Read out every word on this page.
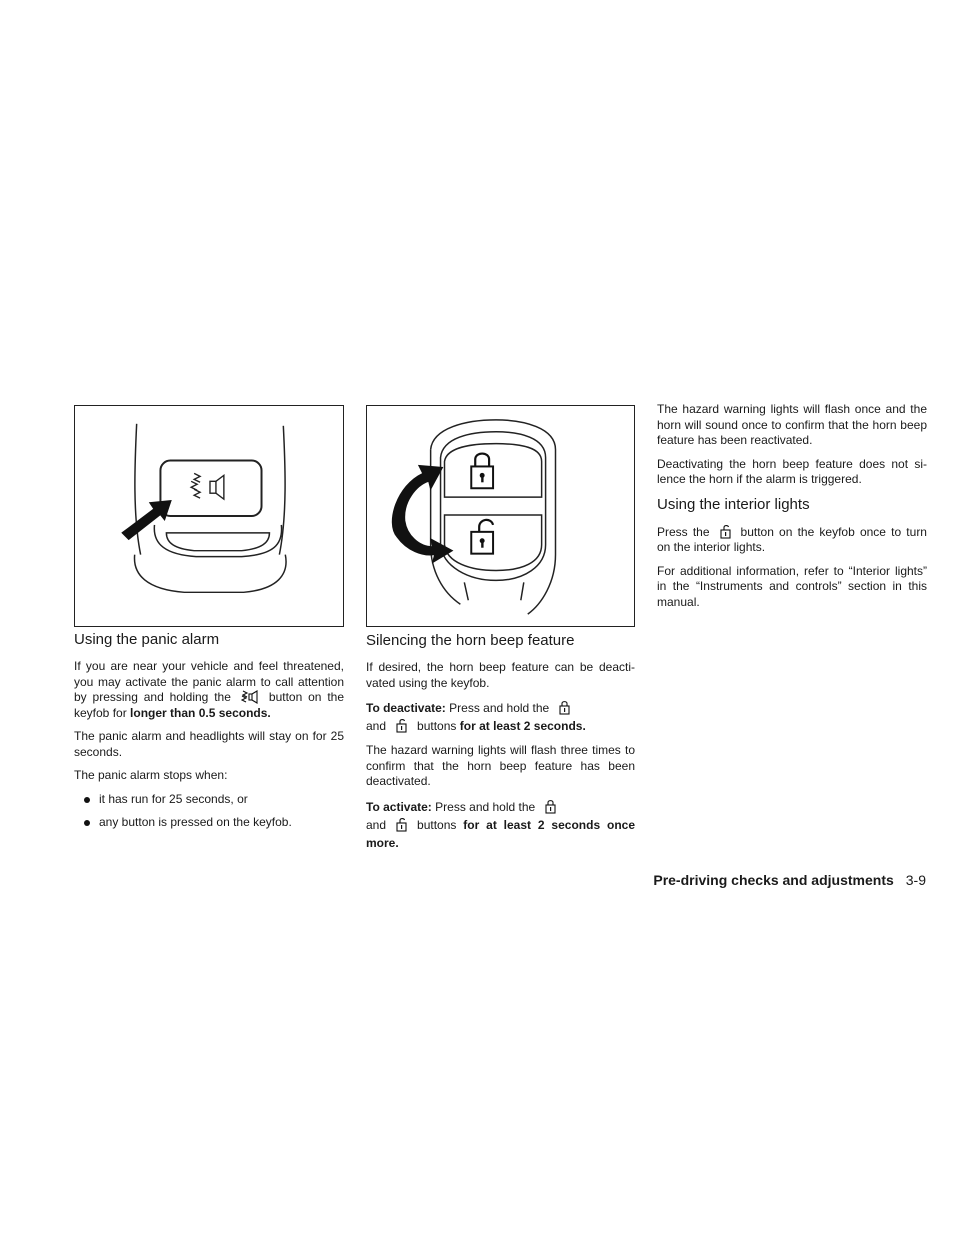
Using the panic alarm

If you are near your vehicle and feel threatened, you may activate the panic alarm to call attention by pressing and holding the	button on the keyfob for longer than 0.5 seconds.

The panic alarm and headlights will stay on for 25 seconds.

The panic alarm stops when:

it has run for 25 seconds, or
any button is pressed on the keyfob.
Silencing the horn beep feature

If desired, the horn beep feature can be deacti-vated using the keyfob.

To deactivate: Press and hold the

and	buttons for at least 2 seconds.

The hazard warning lights will flash three times to confirm that the horn beep feature has been deactivated.

To activate: Press and hold the

and	buttons for at least 2 seconds once more.

The hazard warning lights will flash once and the horn will sound once to confirm that the horn beep feature has been reactivated.

Deactivating the horn beep feature does not si-lence the horn if the alarm is triggered.

Using the interior lights

Press the	button on the keyfob once to turn on the interior lights.

For additional information, refer to “Interior lights” in the “Instruments and controls” section in this manual.

Pre-driving checks and adjustments 3-9
